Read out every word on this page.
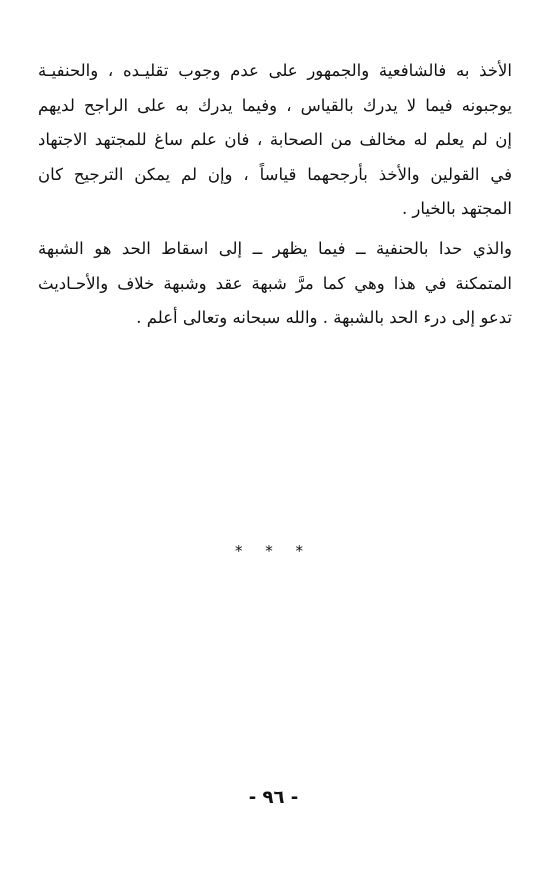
الأخذ به فالشافعية والجمهور على عدم وجوب تقليـده ، والحنفيـة
يوجبونه فيما لا يدرك بالقياس ، وفيما يدرك به على الراجح لديهم
إن لم يعلم له مخالف من الصحابة ، فان علم ساغ للمجتهد الاجتهاد
في القولين والأخذ بأرجحهما قياساً ، وإن لم يمكن الترجيح كان
المجتهد بالخيار .
والذي حدا بالحنفية ــ فيما يظهر ــ إلى اسقاط الحد هو الشبهة
المتمكنة في هذا وهي كما مرَّ شبهة عقد وشبهة خلاف والأحـاديث
تدعو إلى درء الحد بالشبهة . والله سبحانه وتعالى أعلم .
* * *
- ٩٦ -
